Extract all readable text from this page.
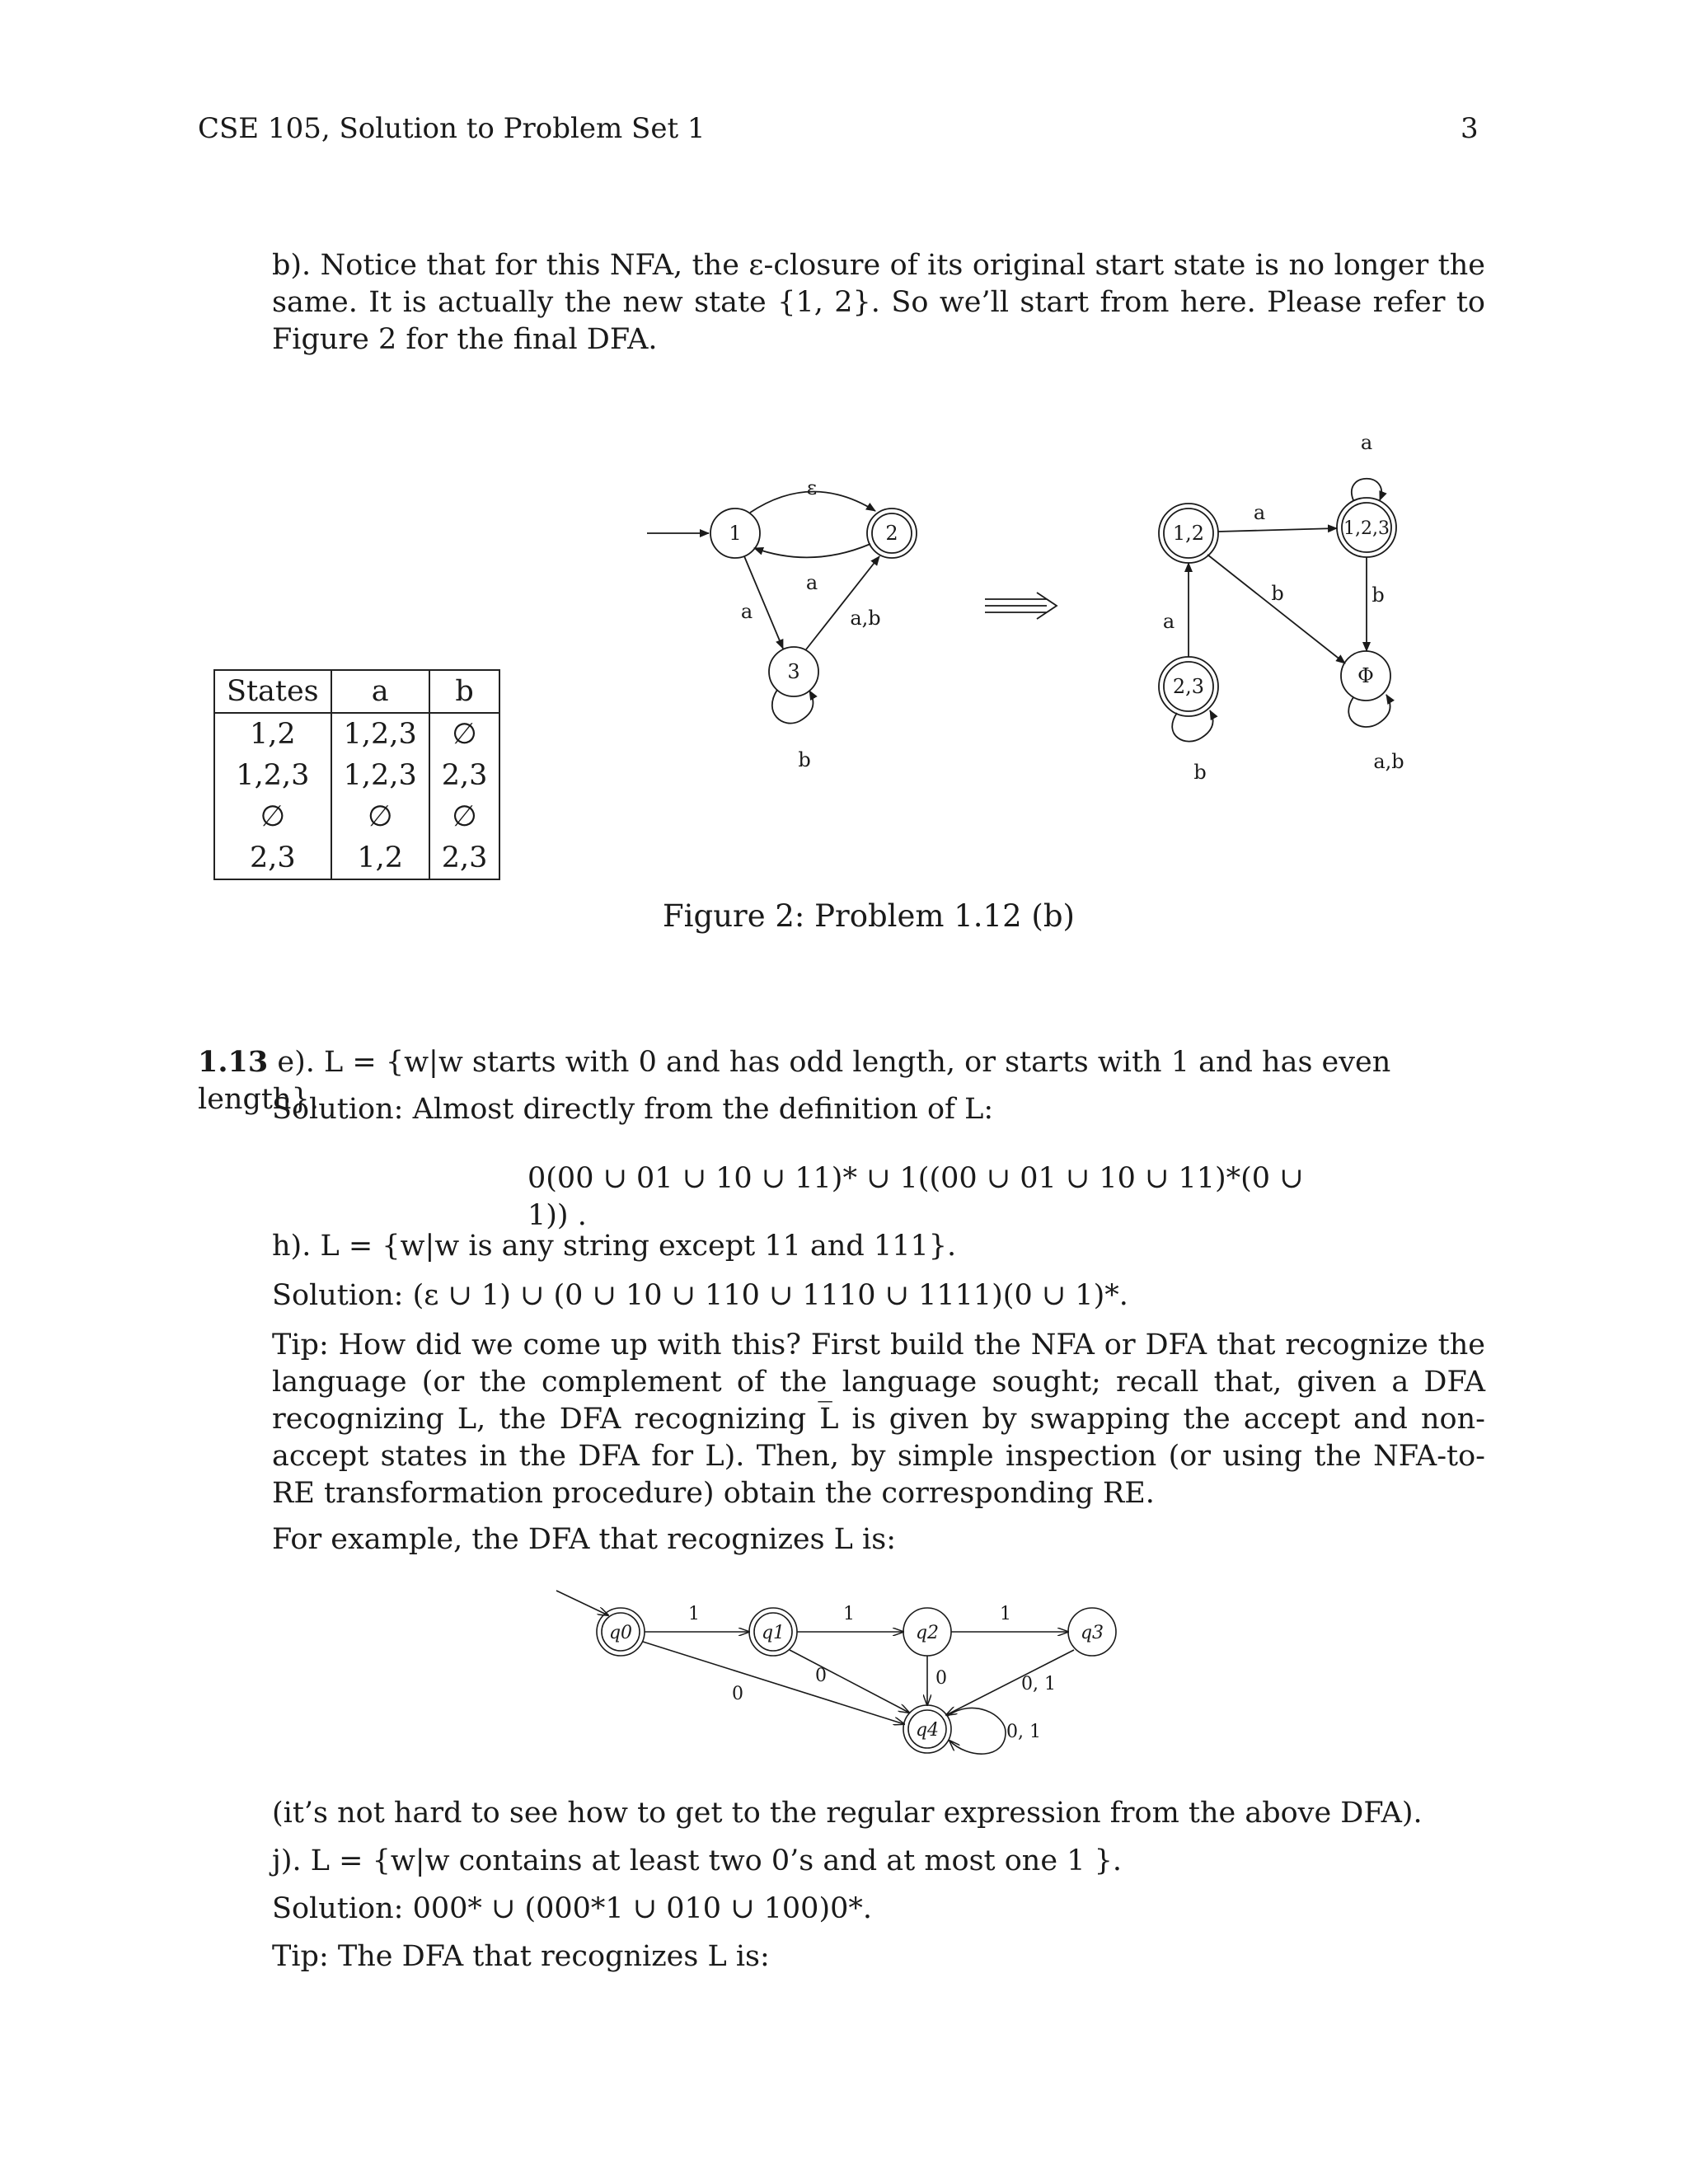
CSE 105, Solution to Problem Set 1	3

b). Notice that for this NFA, the ε-closure of its original start state is no longer the same. It is actually the new state {1, 2}. So we’ll start from here. Please refer to Figure 2 for the final DFA.

States	a	b
1,2	1,2,3	∅
1,2,3	1,2,3	2,3
∅	∅	∅
2,3	1,2	2,3
1	2
3
ε
a
a	a,b
b
1,2	1,2,3
2,3	Φ
a
a
b	b
a
b	a,b
Figure 2: Problem 1.12 (b)
1.13 e). L = {w|w starts with 0 and has odd length, or starts with 1 and has even length}.
Solution: Almost directly from the definition of L:
0(00 ∪ 01 ∪ 10 ∪ 11)* ∪ 1((00 ∪ 01 ∪ 10 ∪ 11)*(0 ∪ 1)) .
h). L = {w|w is any string except 11 and 111}.
Solution: (ε ∪ 1) ∪ (0 ∪ 10 ∪ 110 ∪ 1110 ∪ 1111)(0 ∪ 1)*.

Tip: How did we come up with this? First build the NFA or DFA that recognize the language (or the complement of the language sought; recall that, given a DFA recognizing L, the DFA recognizing L̅ is given by swapping the accept and non-accept states in the DFA for L). Then, by simple inspection (or using the NFA-to-RE transformation procedure) obtain the corresponding RE.

For example, the DFA that recognizes L is:
q0	q1	q2	q3
q4
1	1	1
0
0	0	0, 1
0, 1
(it’s not hard to see how to get to the regular expression from the above DFA).
j). L = {w|w contains at least two 0’s and at most one 1 }.
Solution: 000* ∪ (000*1 ∪ 010 ∪ 100)0*.
Tip: The DFA that recognizes L is:
